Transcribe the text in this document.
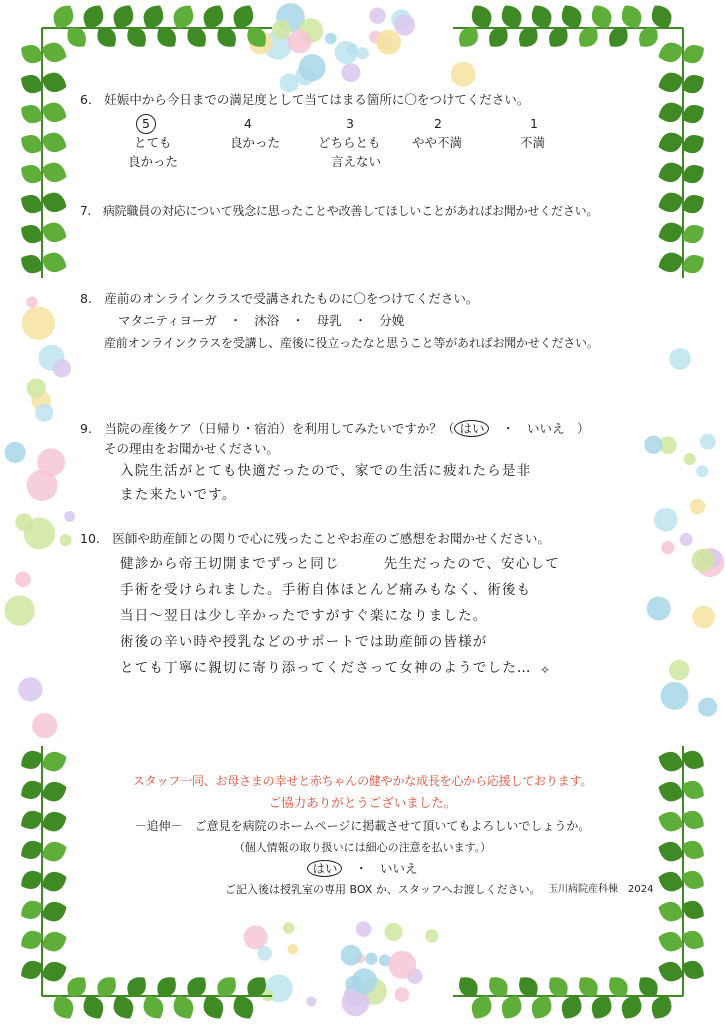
6.　妊娠中から今日までの満足度として当てはまる箇所に〇をつけてください。
5
とても
良かった
4
良かった
3
どちらとも
言えない
2
やや不満
1
不満
7.　病院職員の対応について残念に思ったことや改善してほしいことがあればお聞かせください。
8.　産前のオンラインクラスで受講されたものに〇をつけてください。
マタニティヨーガ　・　沐浴　・　母乳　・　分娩
産前オンラインクラスを受講し、産後に役立ったなと思うこと等があればお聞かせください。
9.　当院の産後ケア（日帰り・宿泊）を利用してみたいですか？（ はい　 ・　 いいえ　）
その理由をお聞かせください。
入院生活がとても快適だったので、家での生活に疲れたら是非
また来たいです。
10.　医師や助産師との関りで心に残ったことやお産のご感想をお聞かせください。
健診から帝王切開までずっと同じ　　　先生だったので、安心して
手術を受けられました。手術自体ほとんど痛みもなく、術後も
当日～翌日は少し辛かったですがすぐ楽になりました。
術後の辛い時や授乳などのサポートでは助産師の皆様が
とても丁寧に親切に寄り添ってくださって女神のようでした… ✧
スタッフ一同、お母さまの幸せと赤ちゃんの健やかな成長を心から応援しております。
ご協力ありがとうございました。
－追伸－　ご意見を病院のホームページに掲載させて頂いてもよろしいでしょうか。
（個人情報の取り扱いには細心の注意を払います。）
はい　 ・　 いいえ
ご記入後は授乳室の専用 BOX か、スタッフへお渡しください。 玉川病院産科棟　2024
